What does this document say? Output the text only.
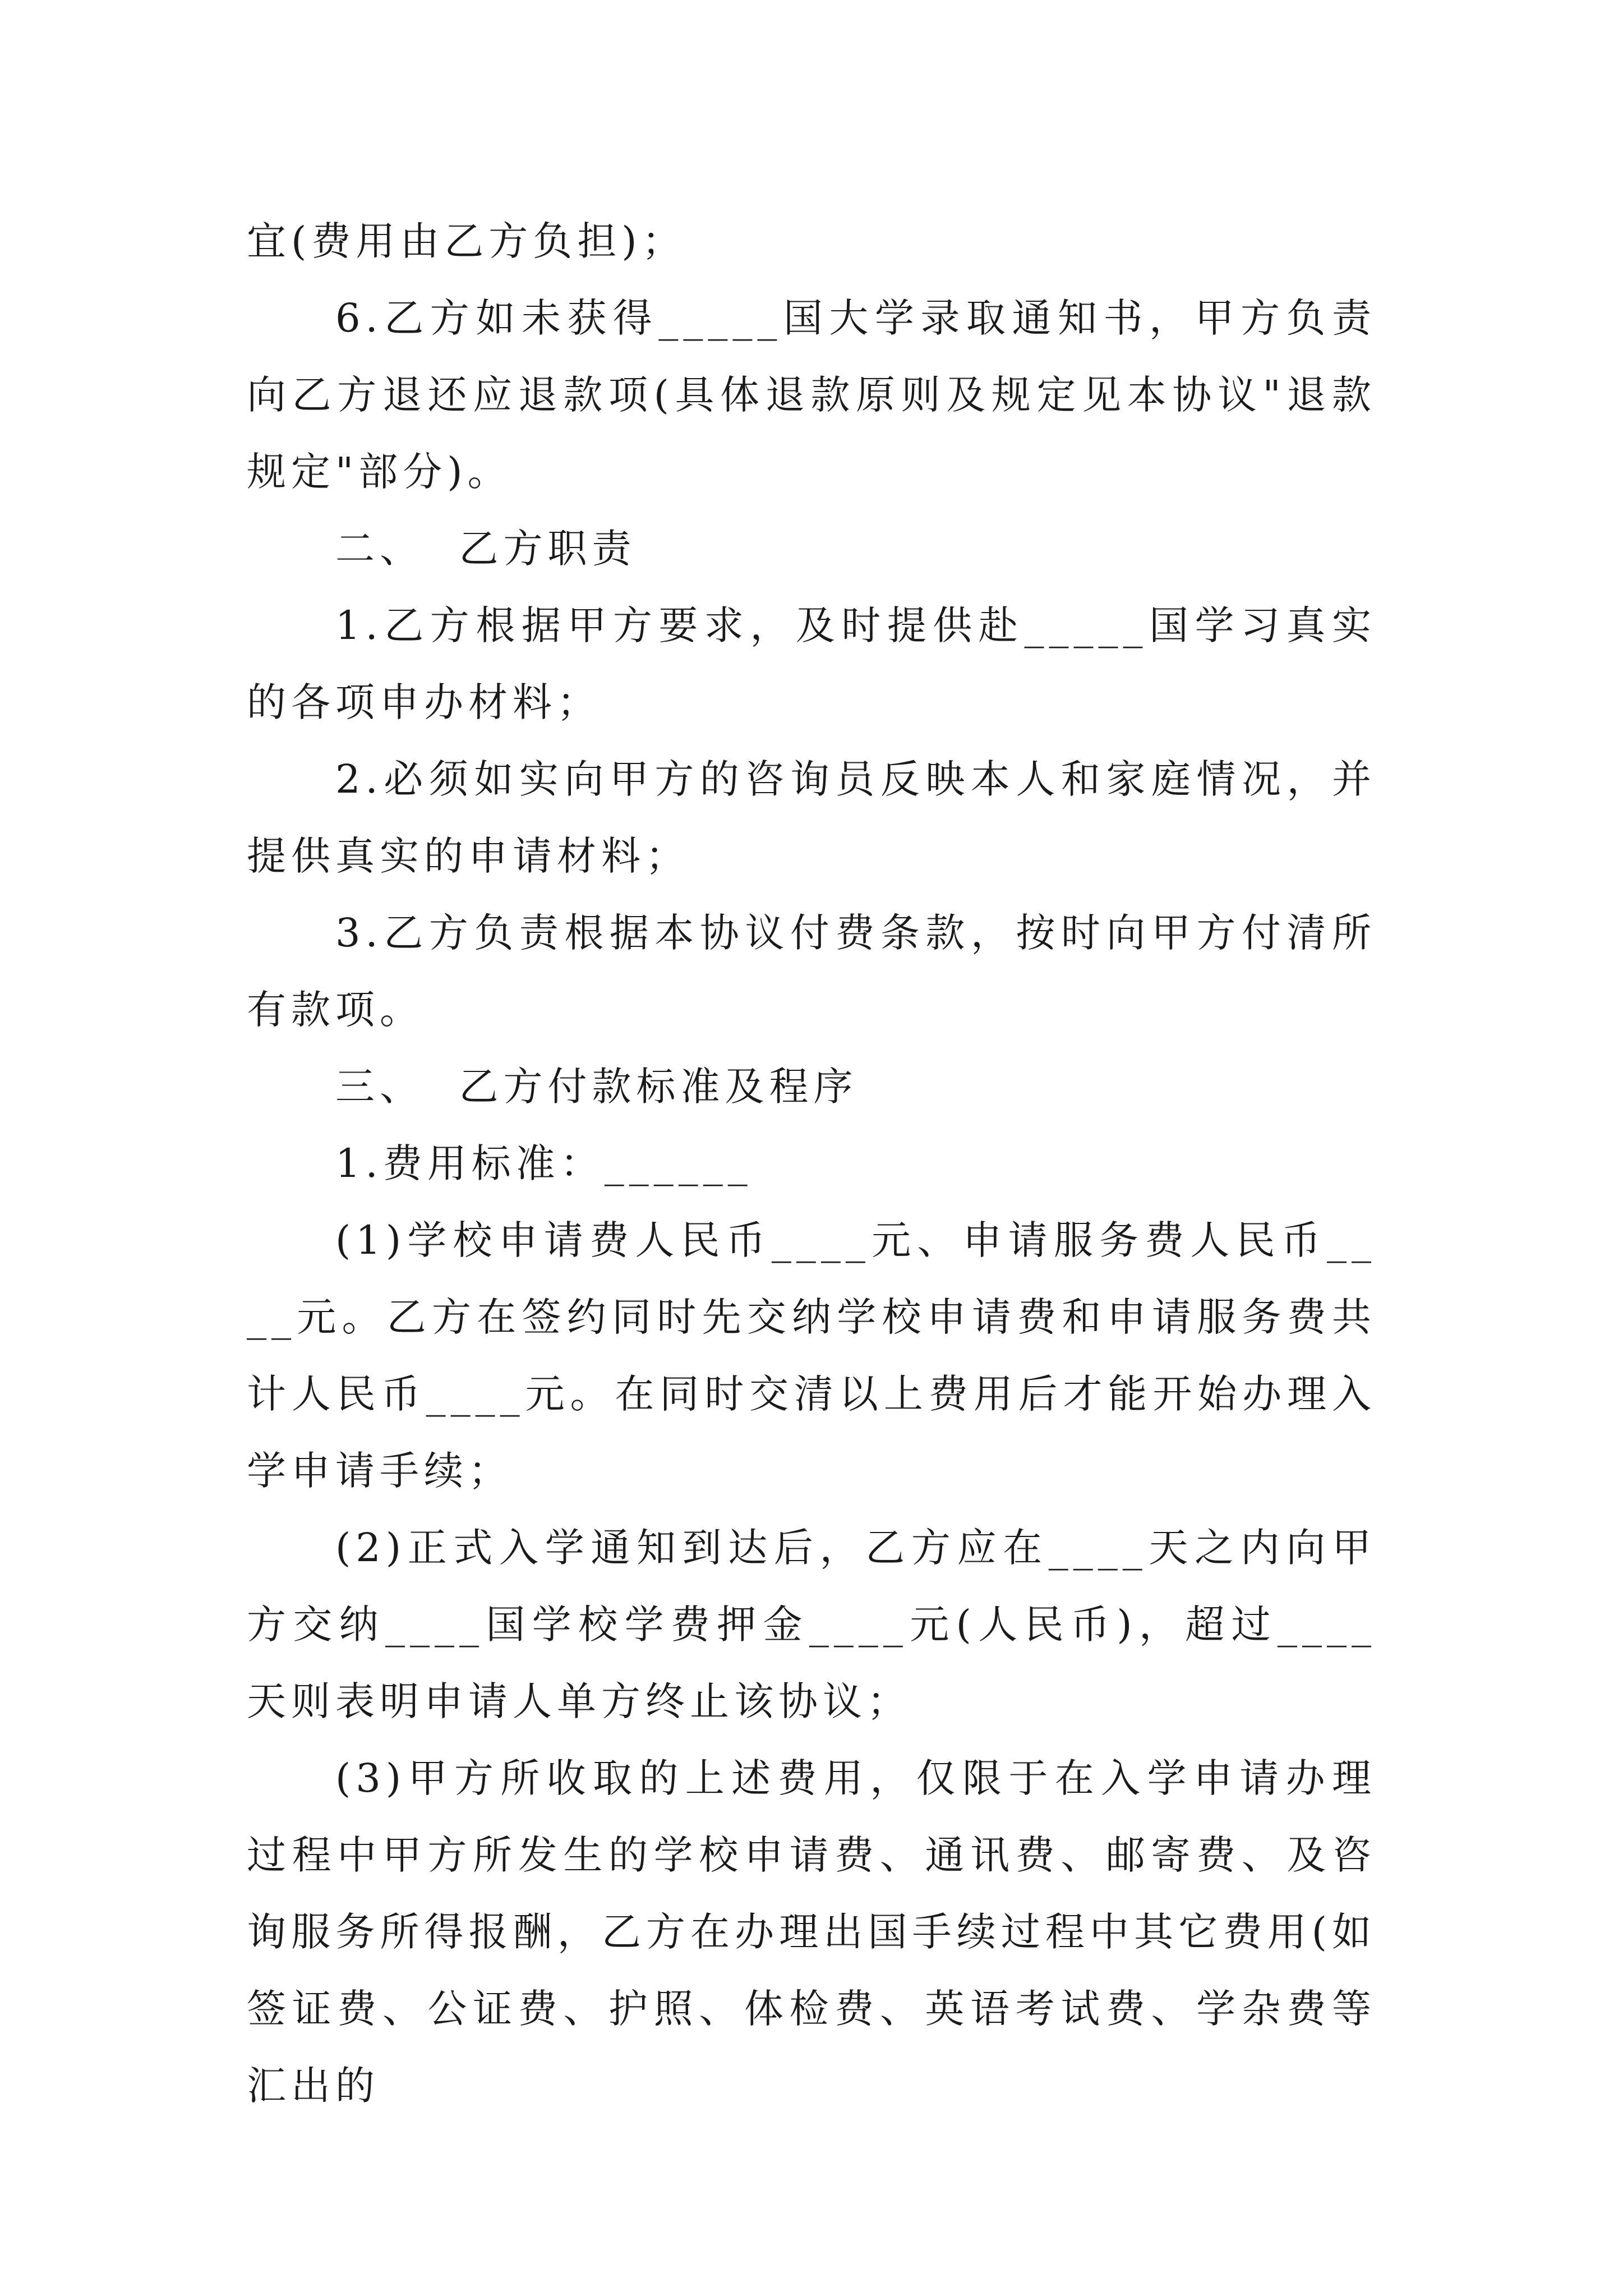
宜(费用由乙方负担)；

6.乙方如未获得_____国大学录取通知书，甲方负责向乙方退还应退款项(具体退款原则及规定见本协议"退款规定"部分)。

二、  乙方职责

1.乙方根据甲方要求，及时提供赴_____国学习真实的各项申办材料；

2.必须如实向甲方的咨询员反映本人和家庭情况，并提供真实的申请材料；

3.乙方负责根据本协议付费条款，按时向甲方付清所有款项。

三、  乙方付款标准及程序

1.费用标准：______

(1)学校申请费人民币____元、申请服务费人民币____元。乙方在签约同时先交纳学校申请费和申请服务费共计人民币____元。在同时交清以上费用后才能开始办理入学申请手续；

(2)正式入学通知到达后，乙方应在____天之内向甲方交纳____国学校学费押金____元(人民币)，超过____天则表明申请人单方终止该协议；

(3)甲方所收取的上述费用，仅限于在入学申请办理过程中甲方所发生的学校申请费、通讯费、邮寄费、及咨询服务所得报酬，乙方在办理出国手续过程中其它费用(如签证费、公证费、护照、体检费、英语考试费、学杂费等汇出的
